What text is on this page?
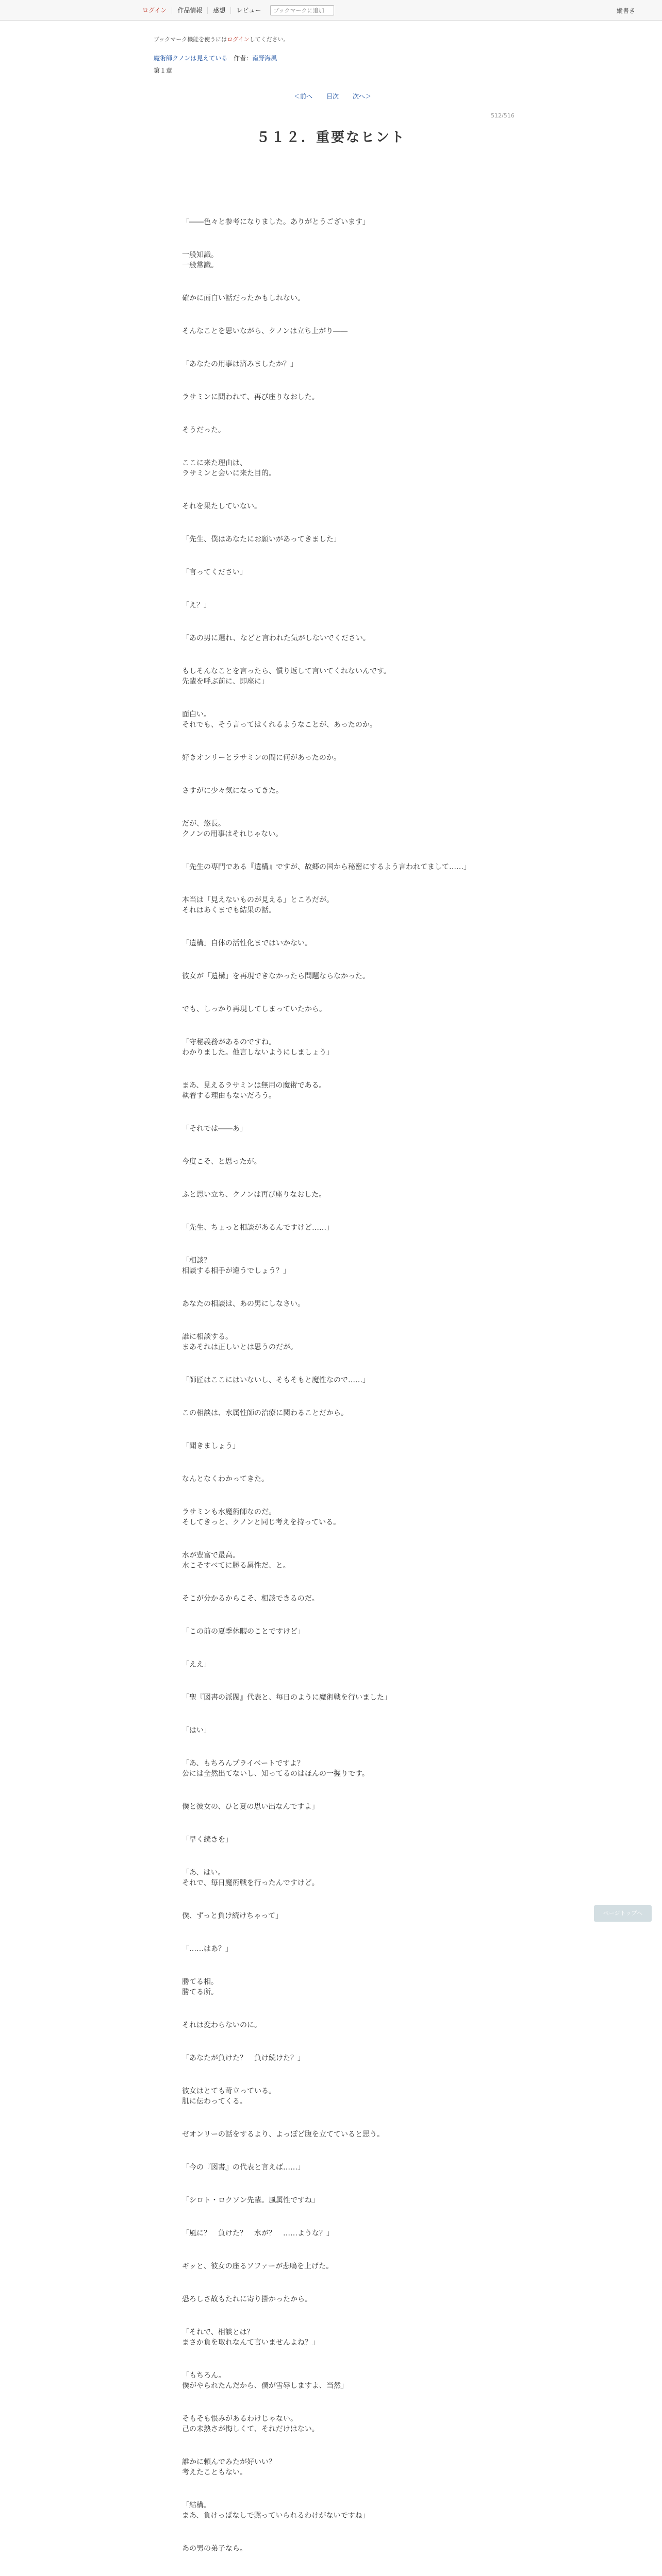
ログイン	作品情報	感想	レビュー	ブックマークに追加	縦書き
ブックマーク機能を使うにはログインしてください。
魔術師クノンは見えている 作者：南野海風
第１章
＜前へ 目次 次へ＞
512/516
５１２．重要なヒント

「――色々と参考になりました。ありがとうございます」

一般知識。

一般常識。

確かに面白い話だったかもしれない。

そんなことを思いながら、クノンは立ち上がり――

「あなたの用事は済みましたか？」

ラサミンに問われて、再び座りなおした。

そうだった。

ここに来た理由は、

ラサミンと会いに来た目的。

それを果たしていない。

「先生、僕はあなたにお願いがあってきました」

「言ってください」

「え？」

「あの男に選れ、などと言われた気がしないでください。

もしそんなことを言ったら、慣り返して言いてくれないんです。

先輩を呼ぶ前に、即座に」

面白い。

それでも、そう言ってはくれるようなことが、あったのか。

好きオンリーとラサミンの間に何があったのか。

さすがに少々気になってきた。

だが、悠長。

クノンの用事はそれじゃない。

「先生の専門である『遺構』ですが、故郷の国から秘密にするよう言われてまして……」

本当は「見えないものが見える」ところだが。

それはあくまでも結果の話。

「遺構」自体の活性化まではいかない。

彼女が「遺構」を再現できなかったら問題ならなかった。

でも、しっかり再現してしまっていたから。

「守秘義務があるのですね。

わかりました。他言しないようにしましょう」

まあ、見えるラサミンは無用の魔術である。

執着する理由もないだろう。

「それでは――あ」

今度こそ、と思ったが。

ふと思い立ち、クノンは再び座りなおした。

「先生、ちょっと相談があるんですけど……」

「相談？

相談する相手が違うでしょう？」

あなたの相談は、あの男にしなさい。

誰に相談する。

まあそれは正しいとは思うのだが。

「師匠はここにはいないし、そもそもと魔性なので……」

この相談は、水属性師の治療に関わることだから。

「聞きましょう」

なんとなくわかってきた。

ラサミンも水魔術師なのだ。

そしてきっと、クノンと同じ考えを持っている。

水が豊富で最高。

水こそすべてに勝る属性だ、と。

そこが分かるからこそ、相談できるのだ。

「この前の夏季休暇のことですけど」

「ええ」

「聖『図書の派閥』代表と、毎日のように魔術戦を行いました」

「はい」

「あ、もちろんプライベートですよ？

公には全然出てないし、知ってるのはほんの一握りです。

僕と彼女の、ひと夏の思い出なんですよ」

「早く続きを」

「あ、はい。

それで、毎日魔術戦を行ったんですけど。

僕、ずっと負け続けちゃって」

「……はあ？」

勝てる相。

勝てる所。

それは変わらないのに。

「あなたが負けた？　負け続けた？」

彼女はとても苛立っている。

肌に伝わってくる。

ゼオンリーの話をするより、よっぽど腹を立てていると思う。

「今の『図書』の代表と言えば……」

「シロト・ロクソン先輩。風属性ですね」

「風に？　負けた？　水が？　……ような？」

ギッと、彼女の座るソファーが悲鳴を上げた。

恐ろしさ故もたれに寄り掛かったから。

「それで、相談とは？

まさか負を取れなんて言いませんよね？」

「もちろん。

僕がやられたんだから、僕が雪辱しますよ、当然」

そもそも恨みがあるわけじゃない。

己の未熟さが悔しくて、それだけはない。

誰かに頼んでみたが好いい？

考えたこともない。

「結構。

まあ、負けっぱなしで黙っていられるわけがないですね」

あの男の弟子なら。

ページトップへ
